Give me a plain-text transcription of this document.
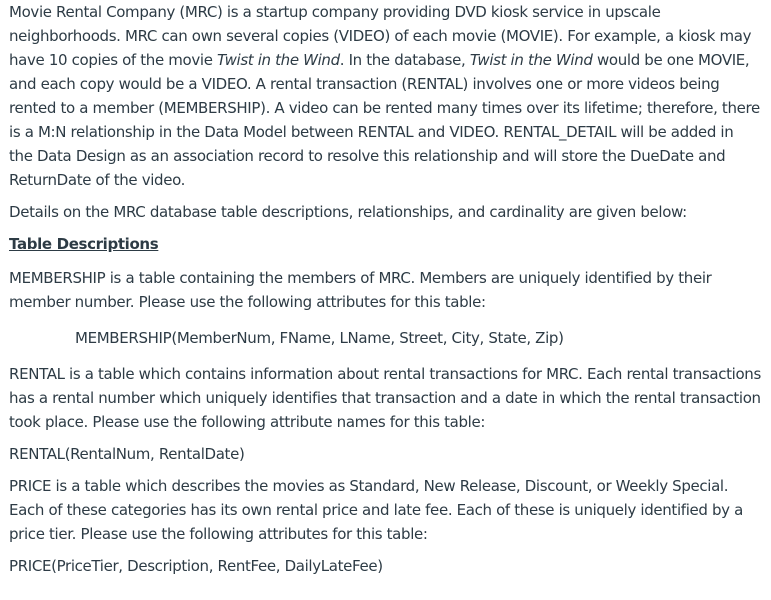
Movie Rental Company (MRC) is a startup company providing DVD kiosk service in upscale neighborhoods. MRC can own several copies (VIDEO) of each movie (MOVIE). For example, a kiosk may have 10 copies of the movie Twist in the Wind. In the database, Twist in the Wind would be one MOVIE, and each copy would be a VIDEO. A rental transaction (RENTAL) involves one or more videos being rented to a member (MEMBERSHIP). A video can be rented many times over its lifetime; therefore, there is a M:N relationship in the Data Model between RENTAL and VIDEO. RENTAL_DETAIL will be added in the Data Design as an association record to resolve this relationship and will store the DueDate and ReturnDate of the video.

Details on the MRC database table descriptions, relationships, and cardinality are given below:

Table Descriptions

MEMBERSHIP is a table containing the members of MRC. Members are uniquely identified by their member number. Please use the following attributes for this table:

MEMBERSHIP(MemberNum, FName, LName, Street, City, State, Zip)

RENTAL is a table which contains information about rental transactions for MRC. Each rental transactions has a rental number which uniquely identifies that transaction and a date in which the rental transaction took place. Please use the following attribute names for this table:

RENTAL(RentalNum, RentalDate)

PRICE is a table which describes the movies as Standard, New Release, Discount, or Weekly Special. Each of these categories has its own rental price and late fee. Each of these is uniquely identified by a price tier. Please use the following attributes for this table:

PRICE(PriceTier, Description, RentFee, DailyLateFee)
